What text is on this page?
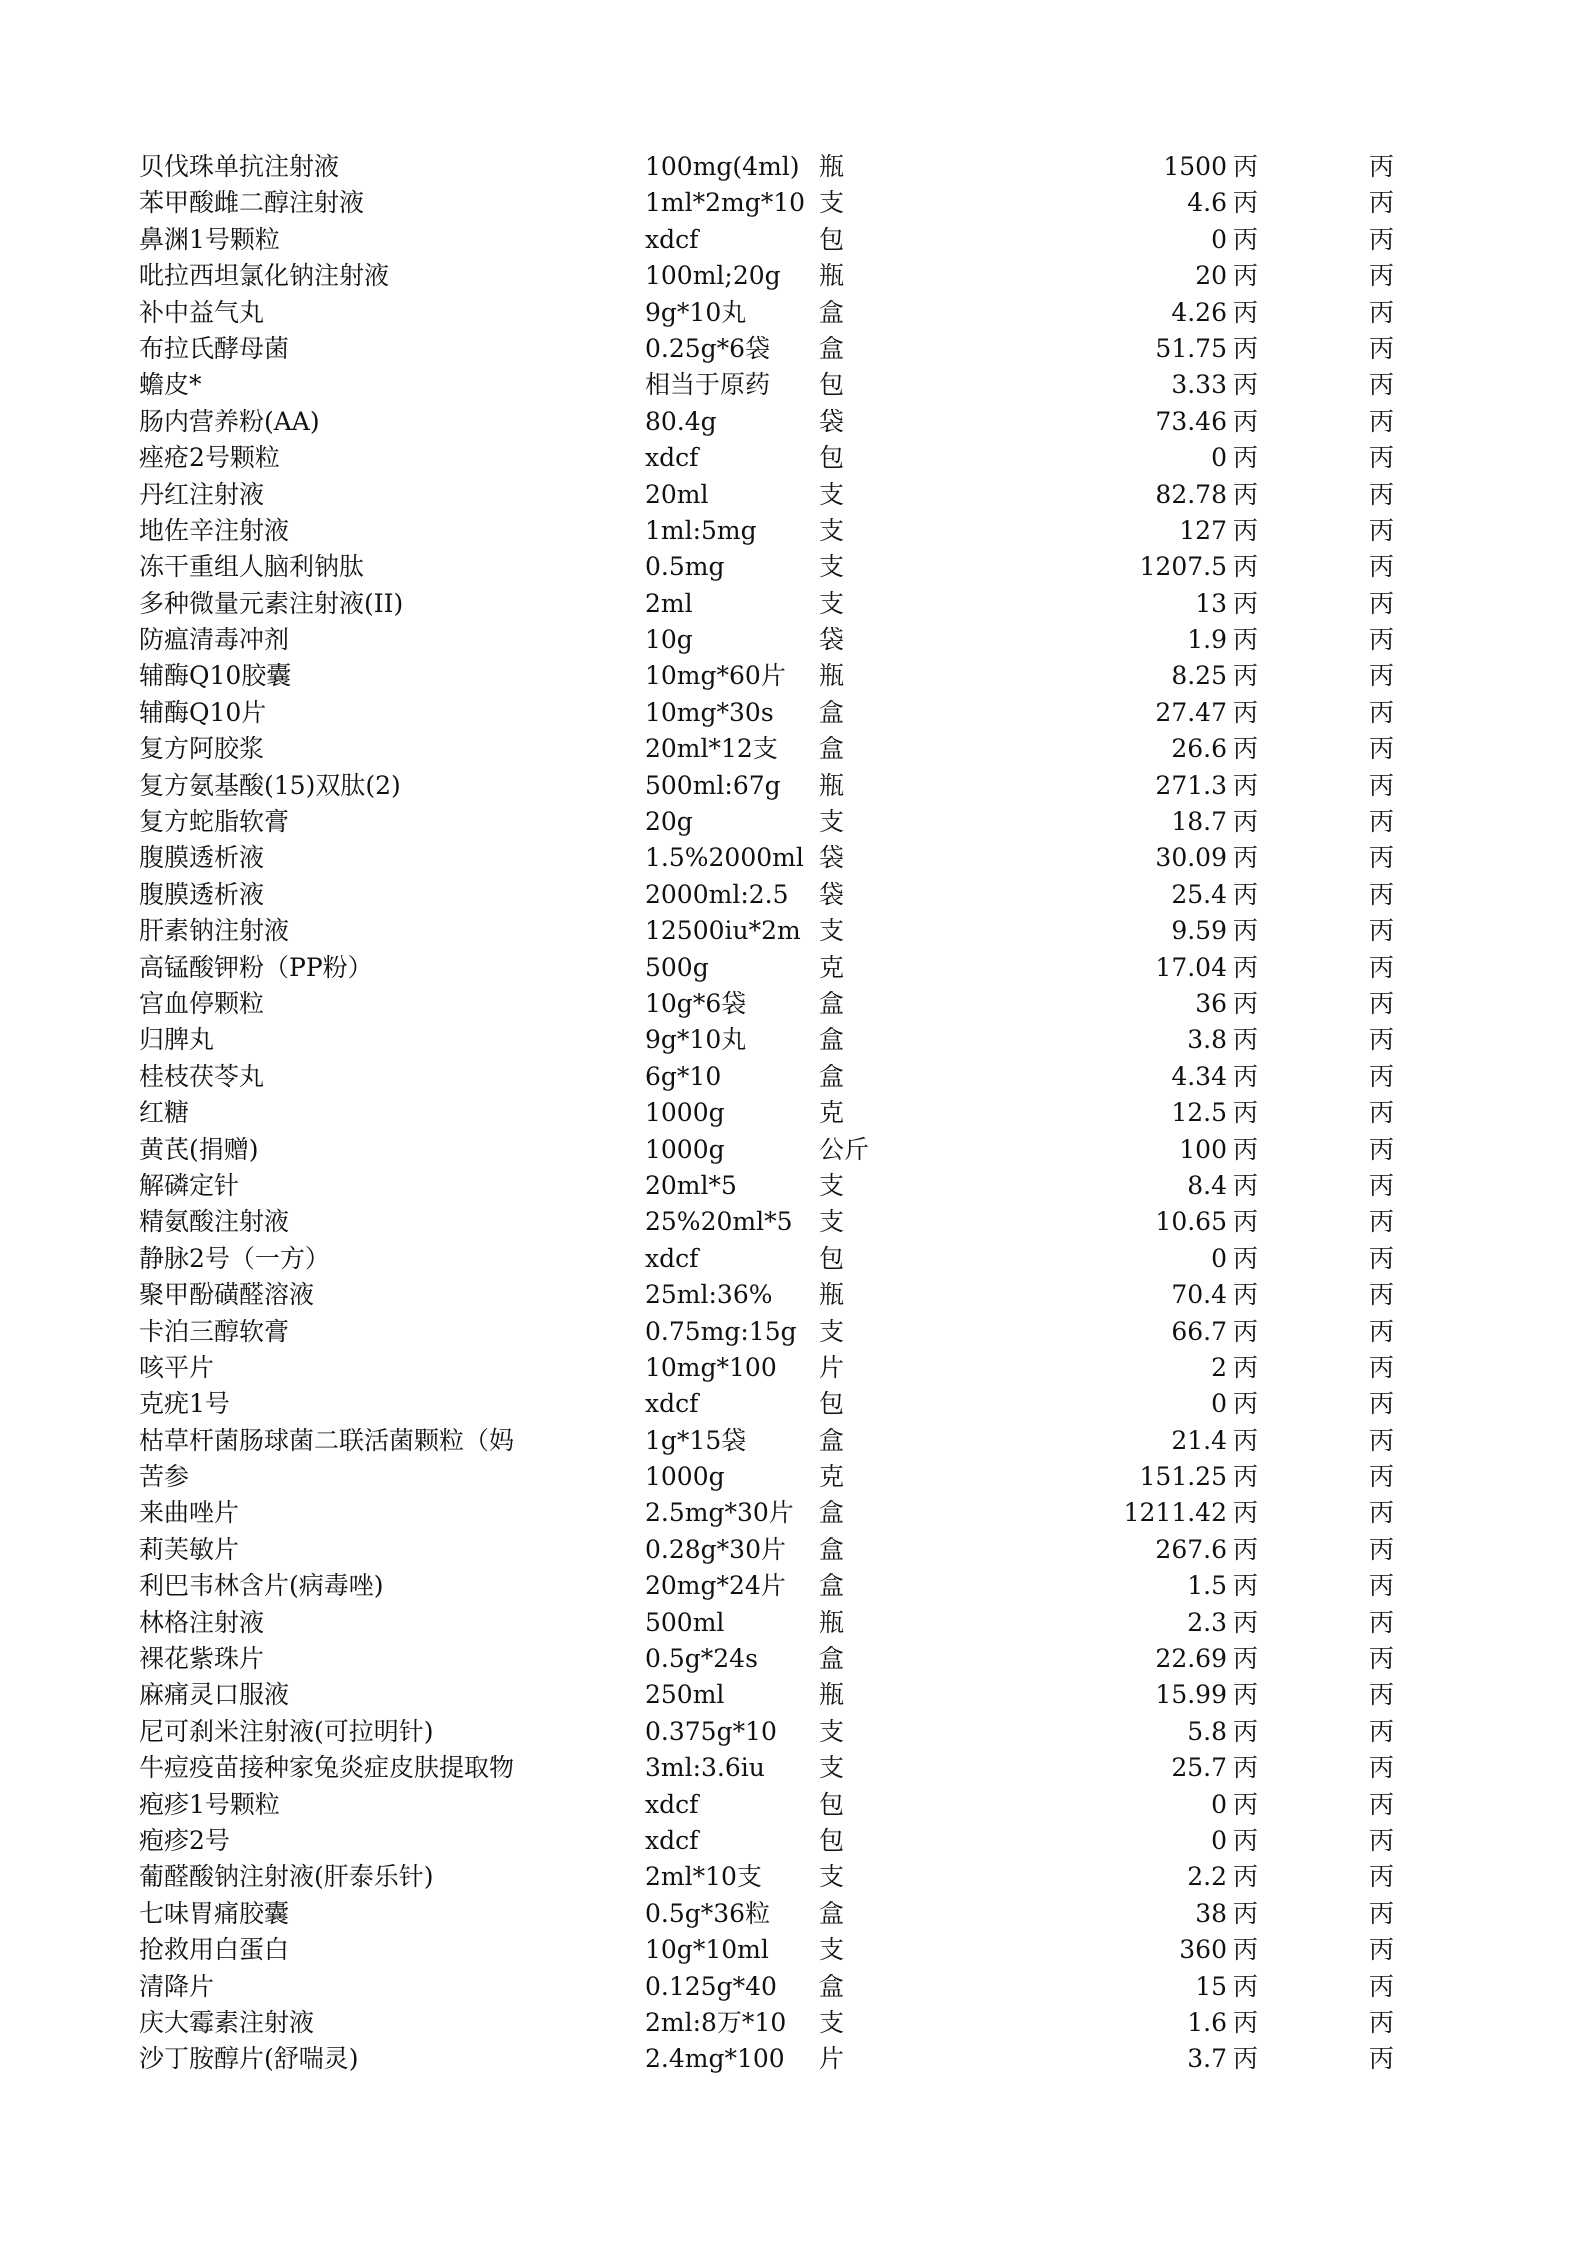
贝伐珠单抗注射液	100mg(4ml) 瓶	1500 丙	丙
苯甲酸雌二醇注射液	1ml*2mg*10 支	4.6 丙	丙
鼻渊1号颗粒	xdcf	包	0 丙	丙
吡拉西坦氯化钠注射液	100ml;20g	瓶	20 丙	丙
补中益气丸	9g*10丸	盒	4.26 丙	丙
布拉氏酵母菌	0.25g*6袋	盒	51.75 丙	丙
蟾皮*	相当于原药	包	3.33 丙	丙
肠内营养粉(AA)	80.4g	袋	73.46 丙	丙
痤疮2号颗粒	xdcf	包	0 丙	丙
丹红注射液	20ml	支	82.78 丙	丙
地佐辛注射液	1ml:5mg	支	127 丙	丙
冻干重组人脑利钠肽	0.5mg	支	1207.5 丙	丙
多种微量元素注射液(II)	2ml	支	13 丙	丙
防瘟清毒冲剂	10g	袋	1.9 丙	丙
辅酶Q10胶囊	10mg*60片	瓶	8.25 丙	丙
辅酶Q10片	10mg*30s	盒	27.47 丙	丙
复方阿胶浆	20ml*12支	盒	26.6 丙	丙
复方氨基酸(15)双肽(2)	500ml:67g	瓶	271.3 丙	丙
复方蛇脂软膏	20g	支	18.7 丙	丙
腹膜透析液	1.5%2000ml 袋	30.09 丙	丙
腹膜透析液	2000ml:2.5	袋	25.4 丙	丙
肝素钠注射液	12500iu*2m 支	9.59 丙	丙
高锰酸钾粉（PP粉）	500g	克	17.04 丙	丙
宫血停颗粒	10g*6袋	盒	36 丙	丙
归脾丸	9g*10丸	盒	3.8 丙	丙
桂枝茯苓丸	6g*10	盒	4.34 丙	丙
红糖	1000g	克	12.5 丙	丙
黄芪(捐赠)	1000g	公斤	100 丙	丙
解磷定针	20ml*5	支	8.4 丙	丙
精氨酸注射液	25%20ml*5	支	10.65 丙	丙
静脉2号（一方）	xdcf	包	0 丙	丙
聚甲酚磺醛溶液	25ml:36%	瓶	70.4 丙	丙
卡泊三醇软膏	0.75mg:15g 支	66.7 丙	丙
咳平片	10mg*100	片	2 丙	丙
克疣1号	xdcf	包	0 丙	丙
枯草杆菌肠球菌二联活菌颗粒（妈	1g*15袋	盒	21.4 丙	丙
苦参	1000g	克	151.25 丙	丙
来曲唑片	2.5mg*30片	盒	1211.42 丙	丙
莉芙敏片	0.28g*30片	盒	267.6 丙	丙
利巴韦林含片(病毒唑)	20mg*24片	盒	1.5 丙	丙
林格注射液	500ml	瓶	2.3 丙	丙
裸花紫珠片	0.5g*24s	盒	22.69 丙	丙
麻痛灵口服液	250ml	瓶	15.99 丙	丙
尼可刹米注射液(可拉明针)	0.375g*10	支	5.8 丙	丙
牛痘疫苗接种家兔炎症皮肤提取物	3ml:3.6iu	支	25.7 丙	丙
疱疹1号颗粒	xdcf	包	0 丙	丙
疱疹2号	xdcf	包	0 丙	丙
葡醛酸钠注射液(肝泰乐针)	2ml*10支	支	2.2 丙	丙
七味胃痛胶囊	0.5g*36粒	盒	38 丙	丙
抢救用白蛋白	10g*10ml	支	360 丙	丙
清降片	0.125g*40	盒	15 丙	丙
庆大霉素注射液	2ml:8万*10	支	1.6 丙	丙
沙丁胺醇片(舒喘灵)	2.4mg*100	片	3.7 丙	丙
